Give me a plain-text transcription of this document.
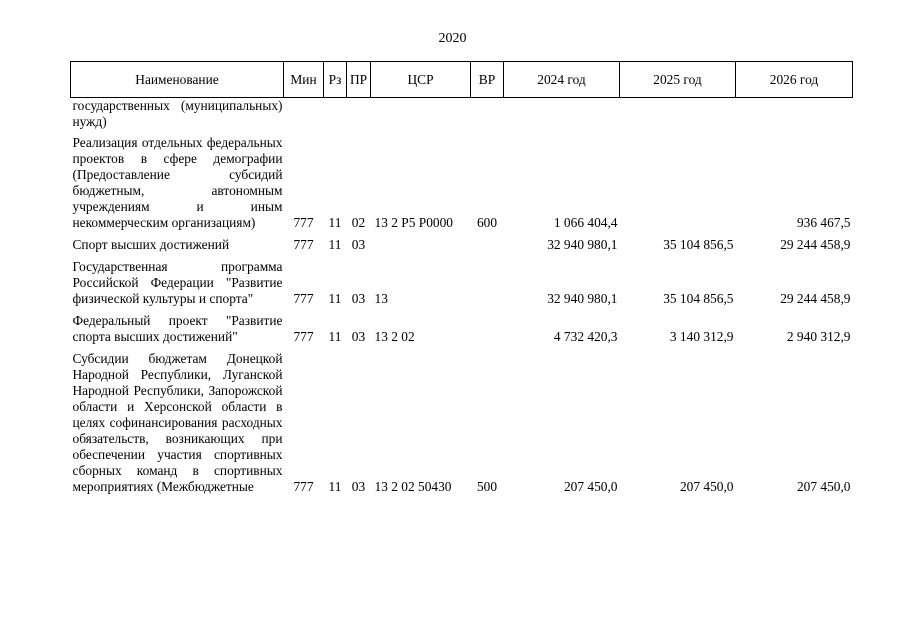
2020
Наименование	Мин	Рз	ПР	ЦСР	ВР	2024 год	2025 год	2026 год
государственных (муниципальных) нужд)								
Реализация отдельных федеральных проектов в сфере демографии (Предоставление субсидий бюджетным, автономным учреждениям и иным некоммерческим организациям)	777	11	02	13 2 Р5 Р0000	600	1 066 404,4		936 467,5
Спорт высших достижений	777	11	03			32 940 980,1	35 104 856,5	29 244 458,9
Государственная программа Российской Федерации "Развитие физической культуры и спорта"	777	11	03	13		32 940 980,1	35 104 856,5	29 244 458,9
Федеральный проект "Развитие спорта высших достижений"	777	11	03	13 2 02		4 732 420,3	3 140 312,9	2 940 312,9
Субсидии бюджетам Донецкой Народной Республики, Луганской Народной Республики, Запорожской области и Херсонской области в целях софинансирования расходных обязательств, возникающих при обеспечении участия спортивных сборных команд в спортивных мероприятиях (Межбюджетные	777	11	03	13 2 02 50430	500	207 450,0	207 450,0	207 450,0
